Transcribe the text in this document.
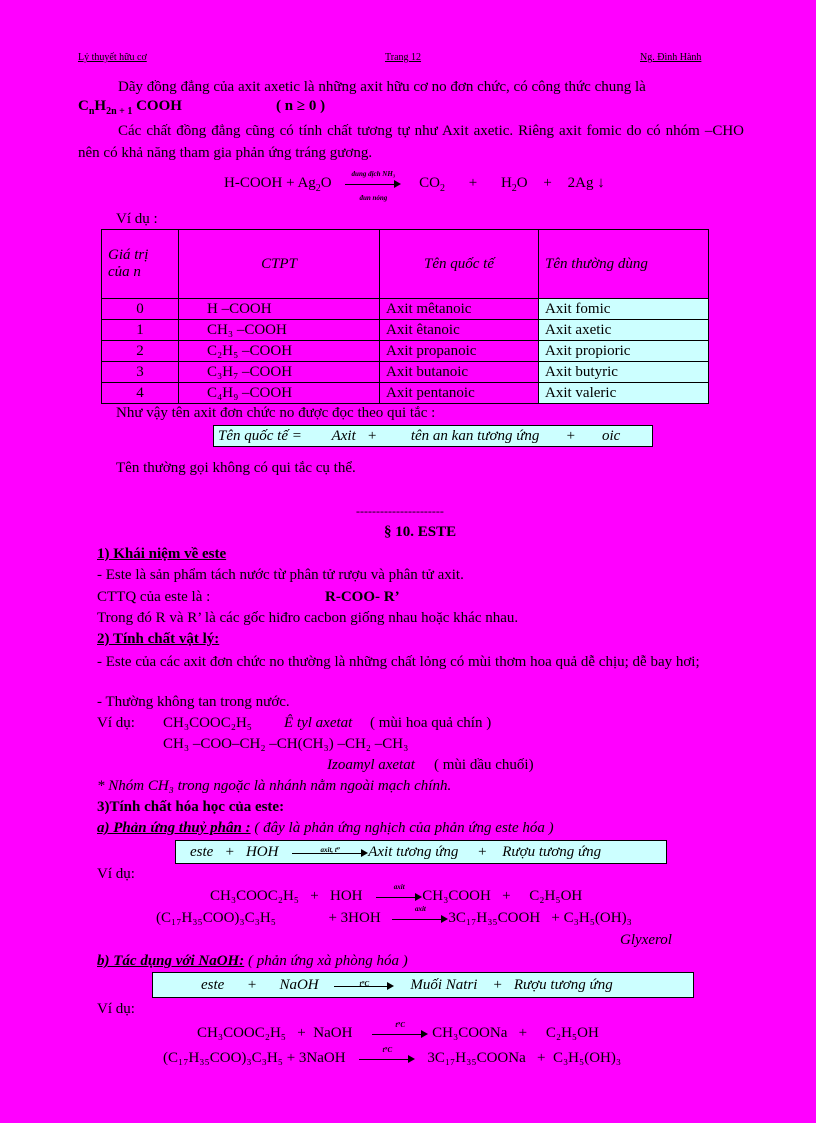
Lý thuyết hữu cơ	Trang 12	Ng. Đình Hành
Dãy đồng đẳng của axit axetic là những axit hữu cơ no đơn chức, có công thức chung là
$C_nH_{2n + 1}$ COOH	( n ≥ 0 )
Các chất đồng đẳng cũng có tính chất tương tự như Axit axetic. Riêng axit fomic do có nhóm –CHO nên có khả năng tham gia phản ứng tráng gương.
H-COOH + $Ag_2O$
dung dịch NH₃
đun nóng
$CO_2 + H_2O + 2Ag$ ↓
Ví dụ :
Giá trị của n	CTPT	Tên quốc tế	Tên thường dùng
0	H –COOH	Axit mêtanoic	Axit fomic
1	CH₃ –COOH	Axit êtanoic	Axit axetic
2	C₂H₅ –COOH	Axit propanoic	Axit propioric
3	C₃H₇ –COOH	Axit butanoic	Axit butyric
4	C₄H₉ –COOH	Axit pentanoic	Axit valeric
Như vậy tên axit đơn chức no được đọc theo qui tắc :
Tên quốc tế =        Axit   +         tên an kan tương ứng       +       oic
Tên thường gọi không có qui tắc cụ thể.
----------------------
§ 10. ESTE
1) Khái niệm về este
- Este là sản phẩm tách nước từ phân tử rượu và phân tử axit.
CTTQ của este là :	R-COO- R’
Trong đó R và R’ là các gốc hiđro cacbon giống nhau hoặc khác nhau.
2) Tính chất vật lý:
- Este của các axit đơn chức no thường là những chất lỏng có mùi thơm hoa quả dễ chịu; dễ bay hơi;
- Thường không tan trong nước.
Ví dụ: CH₃COOC₂H₅ Ê tyl axetat ( mùi hoa quả chín )
CH₃ –COO–CH₂ –CH(CH₃) –CH₂ –CH₃
Izoamyl axetat ( mùi dầu chuối)
* Nhóm CH₃ trong ngoặc là nhánh nằm ngoài mạch chính.
3)Tính chất hóa học của este:
a) Phản ứng thuỷ phân : ( đây là phản ứng nghịch của phản ứng este hóa )
este   +   HOH	axit, t⁰	Axit tương ứng     +    Rượu tương ứng
Ví dụ:
CH₃COOC₂H₅   +   HOH
axit
CH₃COOH   +     C₂H₅OH
(C₁₇H₃₅COO)₃C₃H₅              + 3HOH
axit
3C₁₇H₃₅COOH   + C₃H₅(OH)₃
Glyxerol
b) Tác dụng với NaOH: ( phản ứng xà phòng hóa )
este      +      NaOH	t⁰C	Muối Natri    +   Rượu tương ứng
Ví dụ:
CH₃COOC₂H₅   +  NaOH
t⁰C
CH₃COONa   +     C₂H₅OH
(C₁₇H₃₅COO)₃C₃H₅ + 3NaOH
t⁰C
3C₁₇H₃₅COONa   +  C₃H₅(OH)₃
